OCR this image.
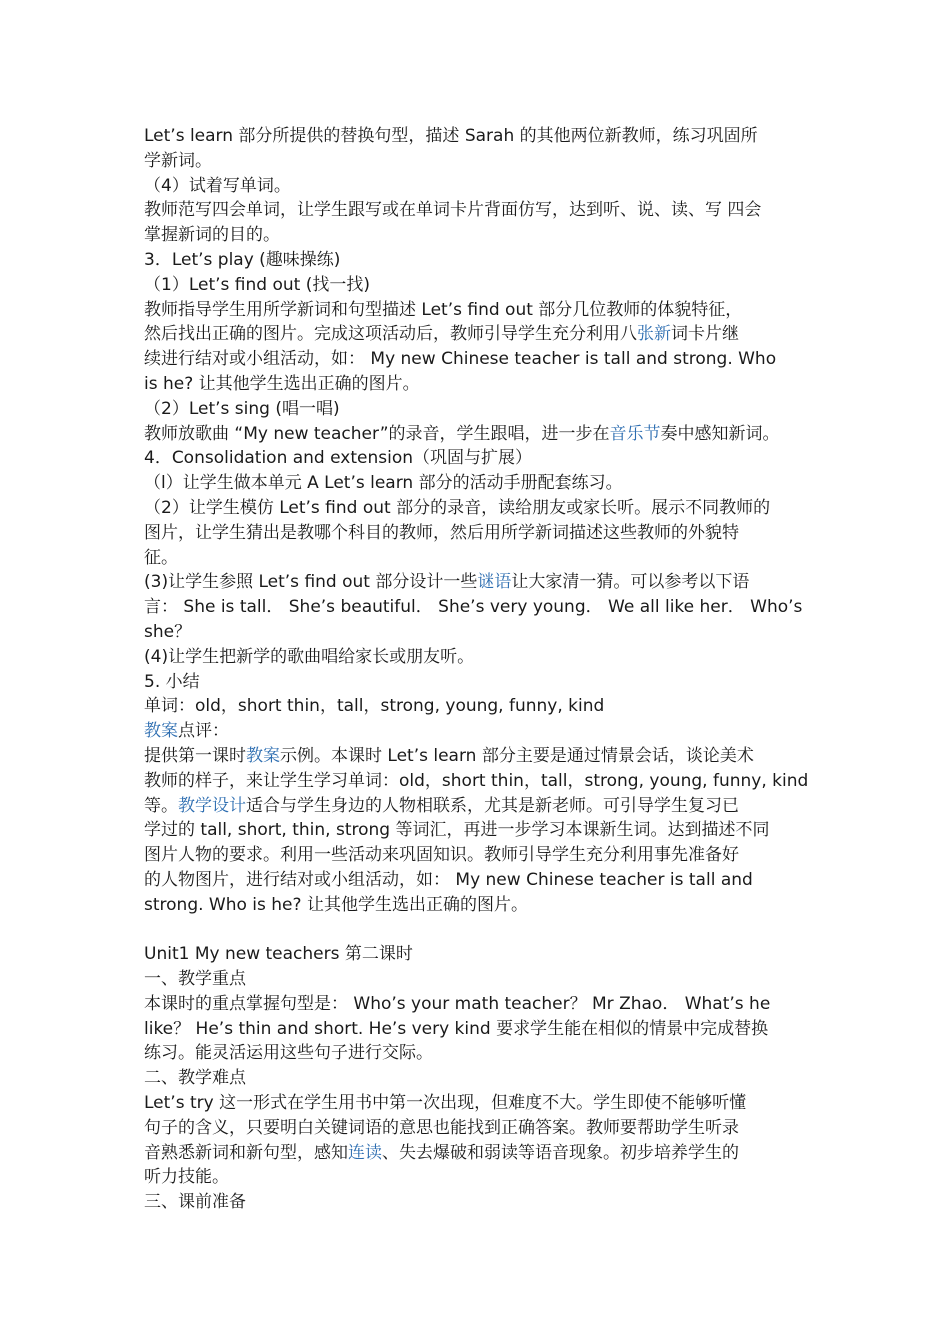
Let’s learn 部分所提供的替换句型，描述 Sarah 的其他两位新教师，练习巩固所
学新词。
（4）试着写单词。
教师范写四会单词，让学生跟写或在单词卡片背面仿写，达到听、说、读、写 四会
掌握新词的目的。
3．Let’s play (趣味操练)
（1）Let’s find out (找一找)
教师指导学生用所学新词和句型描述 Let’s find out 部分几位教师的体貌特征，
然后找出正确的图片。完成这项活动后，教师引导学生充分利用八张新词卡片继
续进行结对或小组活动，如： My new Chinese teacher is tall and strong. Who
is he? 让其他学生选出正确的图片。
（2）Let’s sing (唱一唱)
教师放歌曲 “My new teacher”的录音，学生跟唱，进一步在音乐节奏中感知新词。
4．Consolidation and extension（巩固与扩展）
（l）让学生做本单元 A Let’s learn 部分的活动手册配套练习。
（2）让学生模仿 Let’s find out 部分的录音，读给朋友或家长听。展示不同教师的
图片，让学生猜出是教哪个科目的教师，然后用所学新词描述这些教师的外貌特
征。
(3)让学生参照 Let’s find out 部分设计一些谜语让大家清一猜。可以参考以下语
言： She is tall． She’s beautiful． She’s very young． We all like her． Who’s
she？
(4)让学生把新学的歌曲唱给家长或朋友听。
5. 小结
单词：old，short thin，tall，strong, young, funny, kind
教案点评：
提供第一课时教案示例。本课时 Let’s learn 部分主要是通过情景会话，谈论美术
教师的样子，来让学生学习单词：old，short thin，tall，strong, young, funny, kind
等。教学设计适合与学生身边的人物相联系，尤其是新老师。可引导学生复习已
学过的 tall, short, thin, strong 等词汇，再进一步学习本课新生词。达到描述不同
图片人物的要求。利用一些活动来巩固知识。教师引导学生充分利用事先准备好
的人物图片，进行结对或小组活动，如： My new Chinese teacher is tall and
strong. Who is he? 让其他学生选出正确的图片。
Unit1 My new teachers 第二课时
一、教学重点
本课时的重点掌握句型是： Who’s your math teacher？ Mr Zhao． What’s he
like？ He’s thin and short. He’s very kind 要求学生能在相似的情景中完成替换
练习。能灵活运用这些句子进行交际。
二、教学难点
Let’s try 这一形式在学生用书中第一次出现，但难度不大。学生即使不能够听懂
句子的含义，只要明白关键词语的意思也能找到正确答案。教师要帮助学生听录
音熟悉新词和新句型，感知连读、失去爆破和弱读等语音现象。初步培养学生的
听力技能。
三、课前准备
